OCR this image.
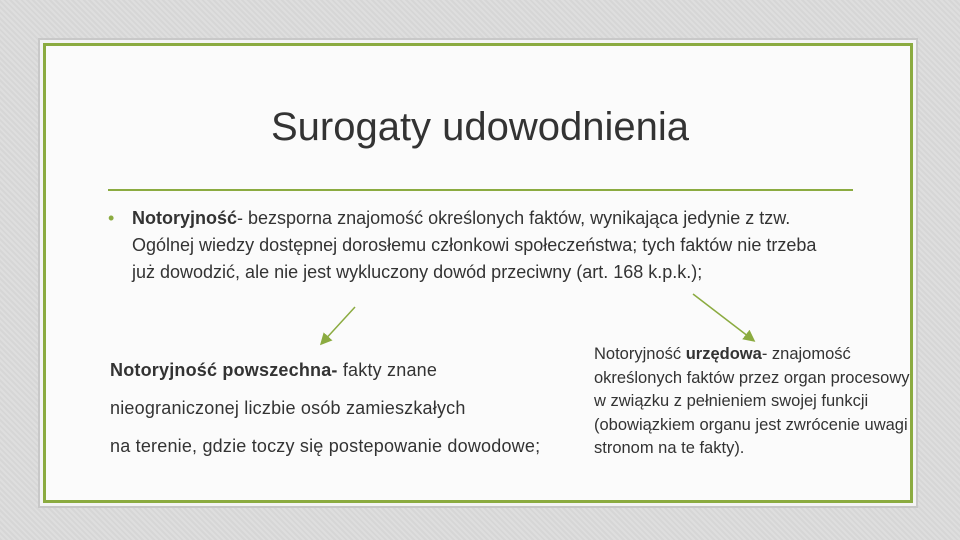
Surogaty udowodnienia
• Notoryjność- bezsporna znajomość określonych faktów, wynikająca jedynie z tzw. Ogólnej wiedzy dostępnej dorosłemu członkowi społeczeństwa; tych faktów nie trzeba już dowodzić, ale nie jest wykluczony dowód przeciwny (art. 168 k.p.k.);
Notoryjność powszechna- fakty znane
nieograniczonej liczbie osób zamieszkałych
na terenie, gdzie toczy się postepowanie dowodowe;
Notoryjność urzędowa- znajomość określonych faktów przez organ procesowy w związku z pełnieniem swojej funkcji (obowiązkiem organu jest zwrócenie uwagi stronom na te fakty).
